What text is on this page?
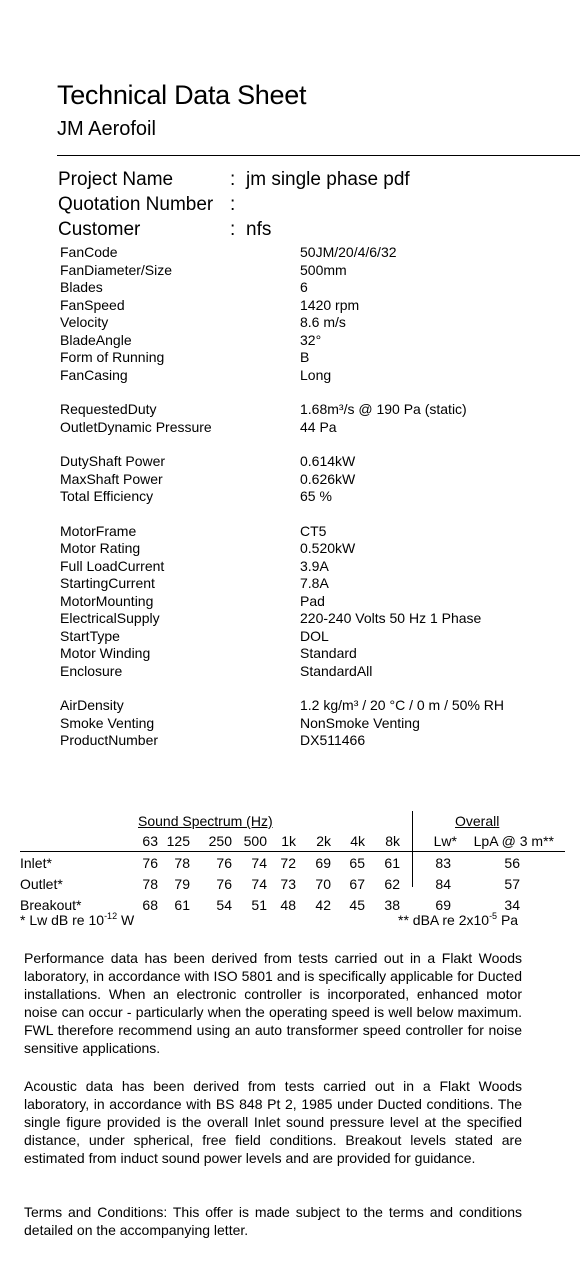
Technical Data Sheet
JM Aerofoil
Project Name	: jm single phase pdf
Quotation Number :
Customer	: nfs
FanCode	50JM/20/4/6/32
FanDiameter/Size	500mm
Blades	6
FanSpeed	1420 rpm
Velocity	8.6 m/s
BladeAngle	32°
Form of Running	B
FanCasing	Long
RequestedDuty	1.68m³/s @ 190 Pa (static)
OutletDynamic Pressure	44 Pa
DutyShaft Power	0.614kW
MaxShaft Power	0.626kW
Total Efficiency	65 %
MotorFrame	CT5
Motor Rating	0.520kW
Full LoadCurrent	3.9A
StartingCurrent	7.8A
MotorMounting	Pad
ElectricalSupply	220-240 Volts 50 Hz 1 Phase
StartType	DOL
Motor Winding	Standard
Enclosure	StandardAll
AirDensity	1.2 kg/m³ / 20 °C / 0 m / 50% RH
Smoke Venting	NonSmoke Venting
ProductNumber	DX511466
Sound Spectrum (Hz)	Overall
* Lw dB re $10^{-12}$ W	** dBA re $2x10^{-5}$ Pa
63 125 250 500 1k 2k 4k 8k Lw* LpA @ 3 m**
Inlet*	76 78 76 74 72 69 65 61	83	56
Outlet*	78 79 76 74 73 70 67 62	84	57
Breakout*	68 61 54 51 48 42 45 38	69	34
Performance data has been derived from tests carried out in a Flakt Woods laboratory, in accordance with ISO 5801 and is specifically applicable for Ducted installations. When an electronic controller is incorporated, enhanced motor noise can occur - particularly when the operating speed is well below maximum. FWL therefore recommend using an auto transformer speed controller for noise sensitive applications.
Acoustic data has been derived from tests carried out in a Flakt Woods laboratory, in accordance with BS 848 Pt 2, 1985 under Ducted conditions. The single figure provided is the overall Inlet sound pressure level at the specified distance, under spherical, free field conditions. Breakout levels stated are estimated from induct sound power levels and are provided for guidance.
Terms and Conditions: This offer is made subject to the terms and conditions detailed on the accompanying letter.
